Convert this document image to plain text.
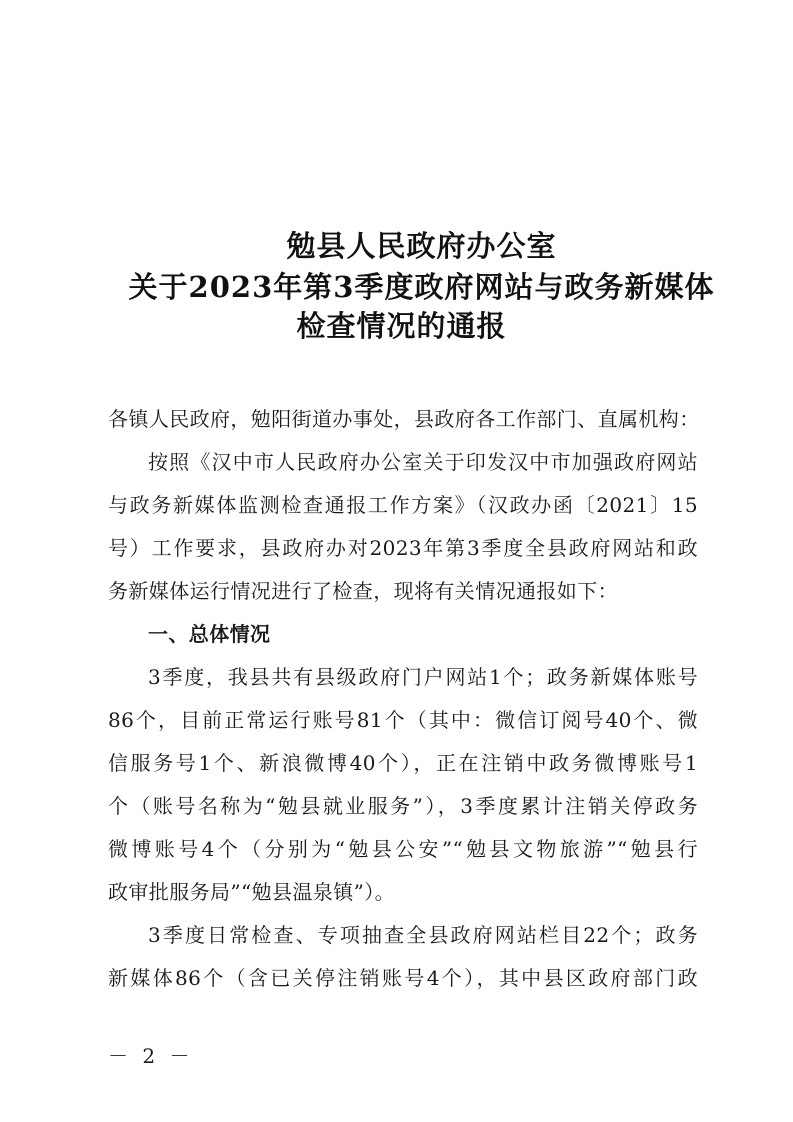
勉县人民政府办公室
关于2023年第3季度政府网站与政务新媒体
检查情况的通报
各镇人民政府，勉阳街道办事处，县政府各工作部门、直属机构：
按照《汉中市人民政府办公室关于印发汉中市加强政府网站
与政务新媒体监测检查通报工作方案》（汉政办函〔2021〕15
号）工作要求，县政府办对2023年第3季度全县政府网站和政
务新媒体运行情况进行了检查，现将有关情况通报如下：
一、总体情况
3季度，我县共有县级政府门户网站1个；政务新媒体账号
86个，目前正常运行账号81个（其中：微信订阅号40个、微
信服务号1个、新浪微博40个），正在注销中政务微博账号1
个（账号名称为“勉县就业服务”），3季度累计注销关停政务
微博账号4个（分别为“勉县公安”“勉县文物旅游”“勉县行
政审批服务局”“勉县温泉镇”）。
3季度日常检查、专项抽查全县政府网站栏目22个；政务
新媒体86个（含已关停注销账号4个），其中县区政府部门政
－ 2 －
